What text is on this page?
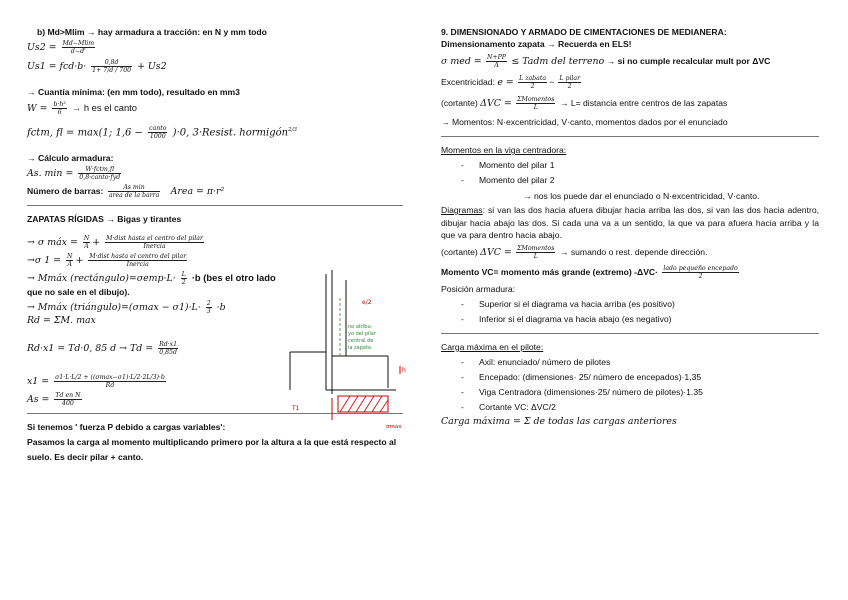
b) Md>Mlim → hay armadura a tracción: en N y mm todo
$Us2 = \frac{Md-Mlim}{d-d'}$
$Us1 = fcd\cdot b\cdot \frac{0,8d}{1+ 7/d / 700} + Us2$
→ Cuantía mínima: (en mm todo), resultado en mm3
$W = \frac{\text{b·h²}}{6} \to h$ es el canto
fctm, fl = max(1; 1,6 − canto
1000 )·0, 3·Resist. hormigón$^{2/3}$
→ Cálculo armadura:
As. min =	W·fctm,fl
0,8·canto·fyd
Número de barras:	As min
area de la barra Area = π·r²
ZAPATAS RÍGIDAS → Bigas y tirantes
→ σ máx = $\frac{N}{A}$ + M·dist hasta el centro del pilar
Inercia
→σ $1 = \frac{N}{A}$ + M·dist hasta el centro del pilar
Inercia
→ Mmáx (rectángulo)=σemp·L· $\frac{L}{2} \cdot b$ (bes el otro lado
que no sale en el dibujo).
→ Mmáx (triángulo)=(σmax − $\sigma 1)\cdot L\cdot \frac{2}{3} \cdot b$
Rd = ΣM. max
Rd·x1 = Td·0, 85 $d \to Td = \frac{Rd\cdot x1}{0,85d}$
x1 = σ1·L·L/2 + ((σmax−σ1)·L/2·2L/3)·b
Rd
$As = \frac{\text{Td en N}}{400}$
Si tenemos ' fuerza P debido a cargas variables':
Pasamos la carga al momento multiplicando primero por la altura a la que está respecto al
suelo. Es decir pilar + canto.
e/2
T1
σmax
h
no atribu-
yo del pilar
central de
la zapata
9. DIMENSIONADO Y ARMADO DE CIMENTACIONES DE MEDIANERA:
Dimensionamento zapata → Recuerda en ELS!
σ med = $\frac{N+PP}{A}$ ≤ Tadm del terreno → si no cumple recalcular mult por ΔVC
Excentricidad: e = L zabata
2	− L pilar
2
(cortante) ΔVC = ΣMomentos
L	→ L= distancia entre centros de las zapatas
→ Momentos: N·excentricidad, V·canto, momentos dados por el enunciado
Momentos en la viga centradora:
- Momento del pilar 1
- Momento del pilar 2
→ nos los puede dar el enunciado o N·excentricidad, V·canto.
Diagramas: si van las dos hacia afuera dibujar hacia arriba las dos, si van las dos hacia adentro, dibujar hacia abajo las dos. Si cada una va a un sentido, la que va para afuera hacia arriba y la que va para dentro hacia abajo.
(cortante) ΔVC = ΣMomentos
L	→ sumando o rest. depende dirección.
Momento VC= momento más grande (extremo) -ΔVC· lado pequeño encepado
2
Posición armadura:
- Superior si el diagrama va hacia arriba (es positivo)
- Inferior si el diagrama va hacia abajo (es negativo)
Carga máxima en el pilote:
- Axil: enunciado/ número de pilotes
- Encepado: (dimensiones· 25/ número de encepados)·1,35
- Viga Centradora (dimensiones·25/ número de pilotes)·1.35
- Cortante VC: ΔVC/2
Carga máxima = Σ de todas las cargas anteriores
